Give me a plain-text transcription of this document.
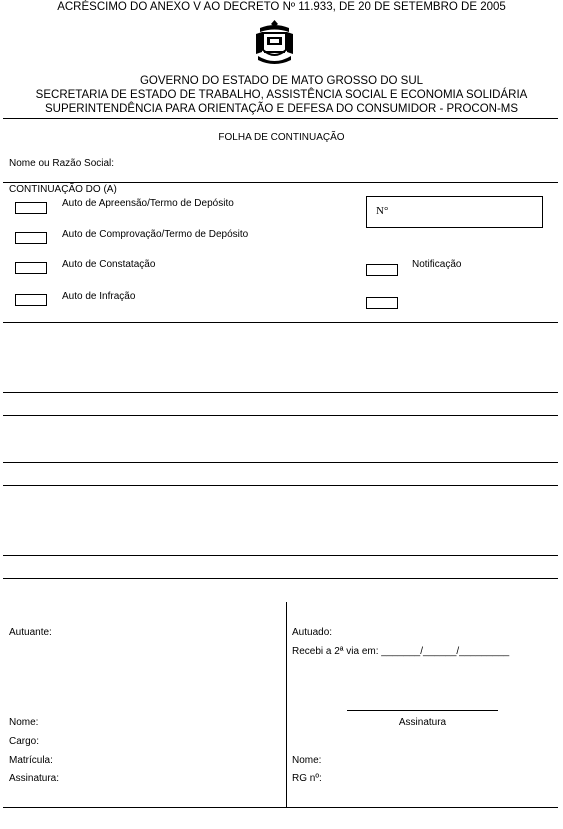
ACRÉSCIMO DO ANEXO V AO DECRETO Nº 11.933, DE 20 DE SETEMBRO DE 2005
GOVERNO DO ESTADO DE MATO GROSSO DO SUL
SECRETARIA DE ESTADO DE TRABALHO, ASSISTÊNCIA SOCIAL E ECONOMIA SOLIDÁRIA
SUPERINTENDÊNCIA PARA ORIENTAÇÃO E DEFESA DO CONSUMIDOR - PROCON-MS
FOLHA DE CONTINUAÇÃO
Nome ou Razão Social:
CONTINUAÇÃO DO (A)
Auto de Apreensão/Termo de Depósito
Auto de Comprovação/Termo de Depósito
Auto de Constatação
Auto de Infração
N°
Notificação
Autuante:
Nome:
Cargo:
Matrícula:
Assinatura:
Autuado:
Recebi a 2ª via em: _______/______/_________
Assinatura
Nome:
RG nº:
